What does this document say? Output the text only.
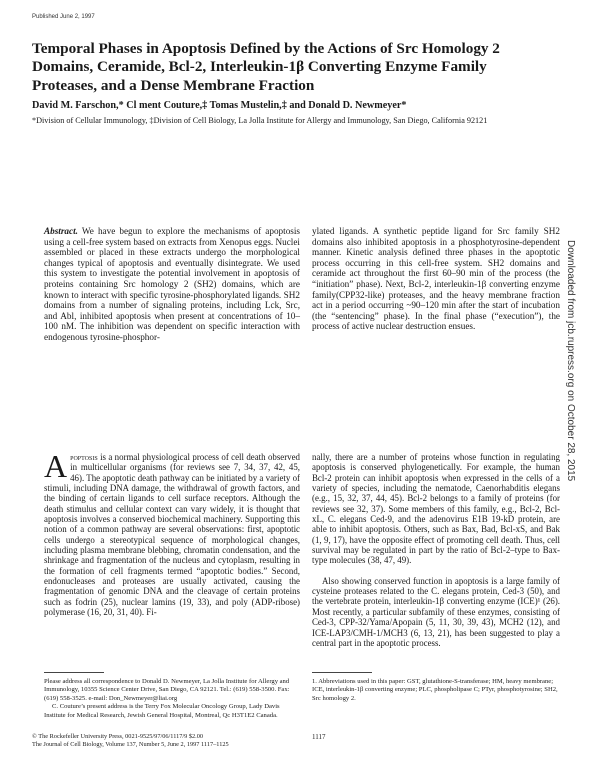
Published June 2, 1997
Temporal Phases in Apoptosis Defined by the Actions of Src Homology 2 Domains, Ceramide, Bcl-2, Interleukin-1β Converting Enzyme Family Proteases, and a Dense Membrane Fraction
David M. Farschon,* Cl ment Couture,‡ Tomas Mustelin,‡ and Donald D. Newmeyer*
*Division of Cellular Immunology, ‡Division of Cell Biology, La Jolla Institute for Allergy and Immunology, San Diego, California 92121
Abstract. We have begun to explore the mechanisms of apoptosis using a cell-free system based on extracts from Xenopus eggs. Nuclei assembled or placed in these extracts undergo the morphological changes typical of apoptosis and eventually disintegrate. We used this system to investigate the potential involvement in apoptosis of proteins containing Src homology 2 (SH2) domains, which are known to interact with specific tyrosine-phosphorylated ligands. SH2 domains from a number of signaling proteins, including Lck, Src, and Abl, inhibited apoptosis when present at concentrations of 10–100 nM. The inhibition was dependent on specific interaction with endogenous tyrosine-phosphor-
ylated ligands. A synthetic peptide ligand for Src family SH2 domains also inhibited apoptosis in a phosphotyrosine-dependent manner. Kinetic analysis defined three phases in the apoptotic process occurring in this cell-free system. SH2 domains and ceramide act throughout the first 60–90 min of the process (the “initiation” phase). Next, Bcl-2, interleukin-1β converting enzyme family(CPP32-like) proteases, and the heavy membrane fraction act in a period occurring ~90–120 min after the start of incubation (the “sentencing” phase). In the final phase (“execution”), the process of active nuclear destruction ensues.

Apoptosis is a normal physiological process of cell death observed in multicellular organisms (for reviews see 7, 34, 37, 42, 45, 46). The apoptotic death pathway can be initiated by a variety of stimuli, including DNA damage, the withdrawal of growth factors, and the binding of certain ligands to cell surface receptors. Although the death stimulus and cellular context can vary widely, it is thought that apoptosis involves a conserved biochemical machinery. Supporting this notion of a common pathway are several observations: first, apoptotic cells undergo a stereotypical sequence of morphological changes, including plasma membrane blebbing, chromatin condensation, and the shrinkage and fragmentation of the nucleus and cytoplasm, resulting in the formation of cell fragments termed “apoptotic bodies.” Second, endonucleases and proteases are usually activated, causing the fragmentation of genomic DNA and the cleavage of certain proteins such as fodrin (25), nuclear lamins (19, 33), and poly (ADP-ribose) polymerase (16, 20, 31, 40). Fi-

nally, there are a number of proteins whose function in regulating apoptosis is conserved phylogenetically. For example, the human Bcl-2 protein can inhibit apoptosis when expressed in the cells of a variety of species, including the nematode, Caenorhabditis elegans (e.g., 15, 32, 37, 44, 45). Bcl-2 belongs to a family of proteins (for reviews see 32, 37). Some members of this family, e.g., Bcl-2, Bcl-xL, C. elegans Ced-9, and the adenovirus E1B 19-kD protein, are able to inhibit apoptosis. Others, such as Bax, Bad, Bcl-xS, and Bak (1, 9, 17), have the opposite effect of promoting cell death. Thus, cell survival may be regulated in part by the ratio of Bcl-2–type to Bax-type molecules (38, 47, 49).

Also showing conserved function in apoptosis is a large family of cysteine proteases related to the C. elegans protein, Ced-3 (50), and the vertebrate protein, interleukin-1β converting enzyme (ICE)¹ (26). Most recently, a particular subfamily of these enzymes, consisting of Ced-3, CPP-32/Yama/Apopain (5, 11, 30, 39, 43), MCH2 (12), and ICE-LAP3/CMH-1/MCH3 (6, 13, 21), has been suggested to play a central part in the apoptotic process.

Please address all correspondence to Donald D. Newmeyer, La Jolla Institute for Allergy and Immunology, 10355 Science Center Drive, San Diego, CA 92121. Tel.: (619) 558-3500. Fax: (619) 558-3525. e-mail: Don_Newmeyer@liai.org

C. Couture’s present address is the Terry Fox Molecular Oncology Group, Lady Davis Institute for Medical Research, Jewish General Hospital, Montreal, Qc H3T1E2 Canada.

1. Abbreviations used in this paper: GST, glutathione-S-transferase; HM, heavy membrane; ICE, interleukin-1β converting enzyme; PLC, phospholipase C; PTyr, phosphotyrosine; SH2, Src homology 2.
© The Rockefeller University Press, 0021-9525/97/06/1117/9 $2.00
The Journal of Cell Biology, Volume 137, Number 5, June 2, 1997 1117–1125
1117
Downloaded from jcb.rupress.org on October 28, 2015
